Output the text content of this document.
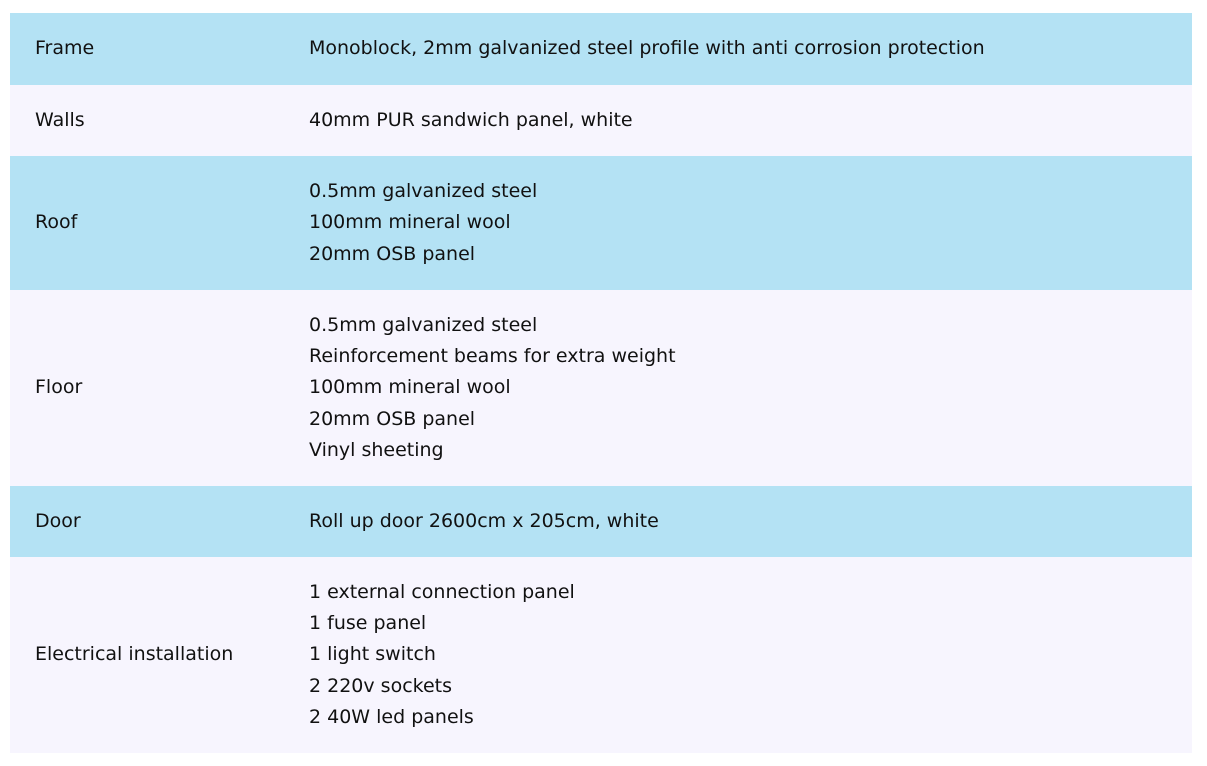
Frame	Monoblock, 2mm galvanized steel profile with anti corrosion protection

Walls	40mm PUR sandwich panel, white

Roof	0.5mm galvanized steel
100mm mineral wool
20mm OSB panel

Floor	0.5mm galvanized steel
Reinforcement beams for extra weight
100mm mineral wool
20mm OSB panel
Vinyl sheeting

Door	Roll up door 2600cm x 205cm, white

Electrical installation	1 external connection panel
1 fuse panel
1 light switch
2 220v sockets
2 40W led panels
